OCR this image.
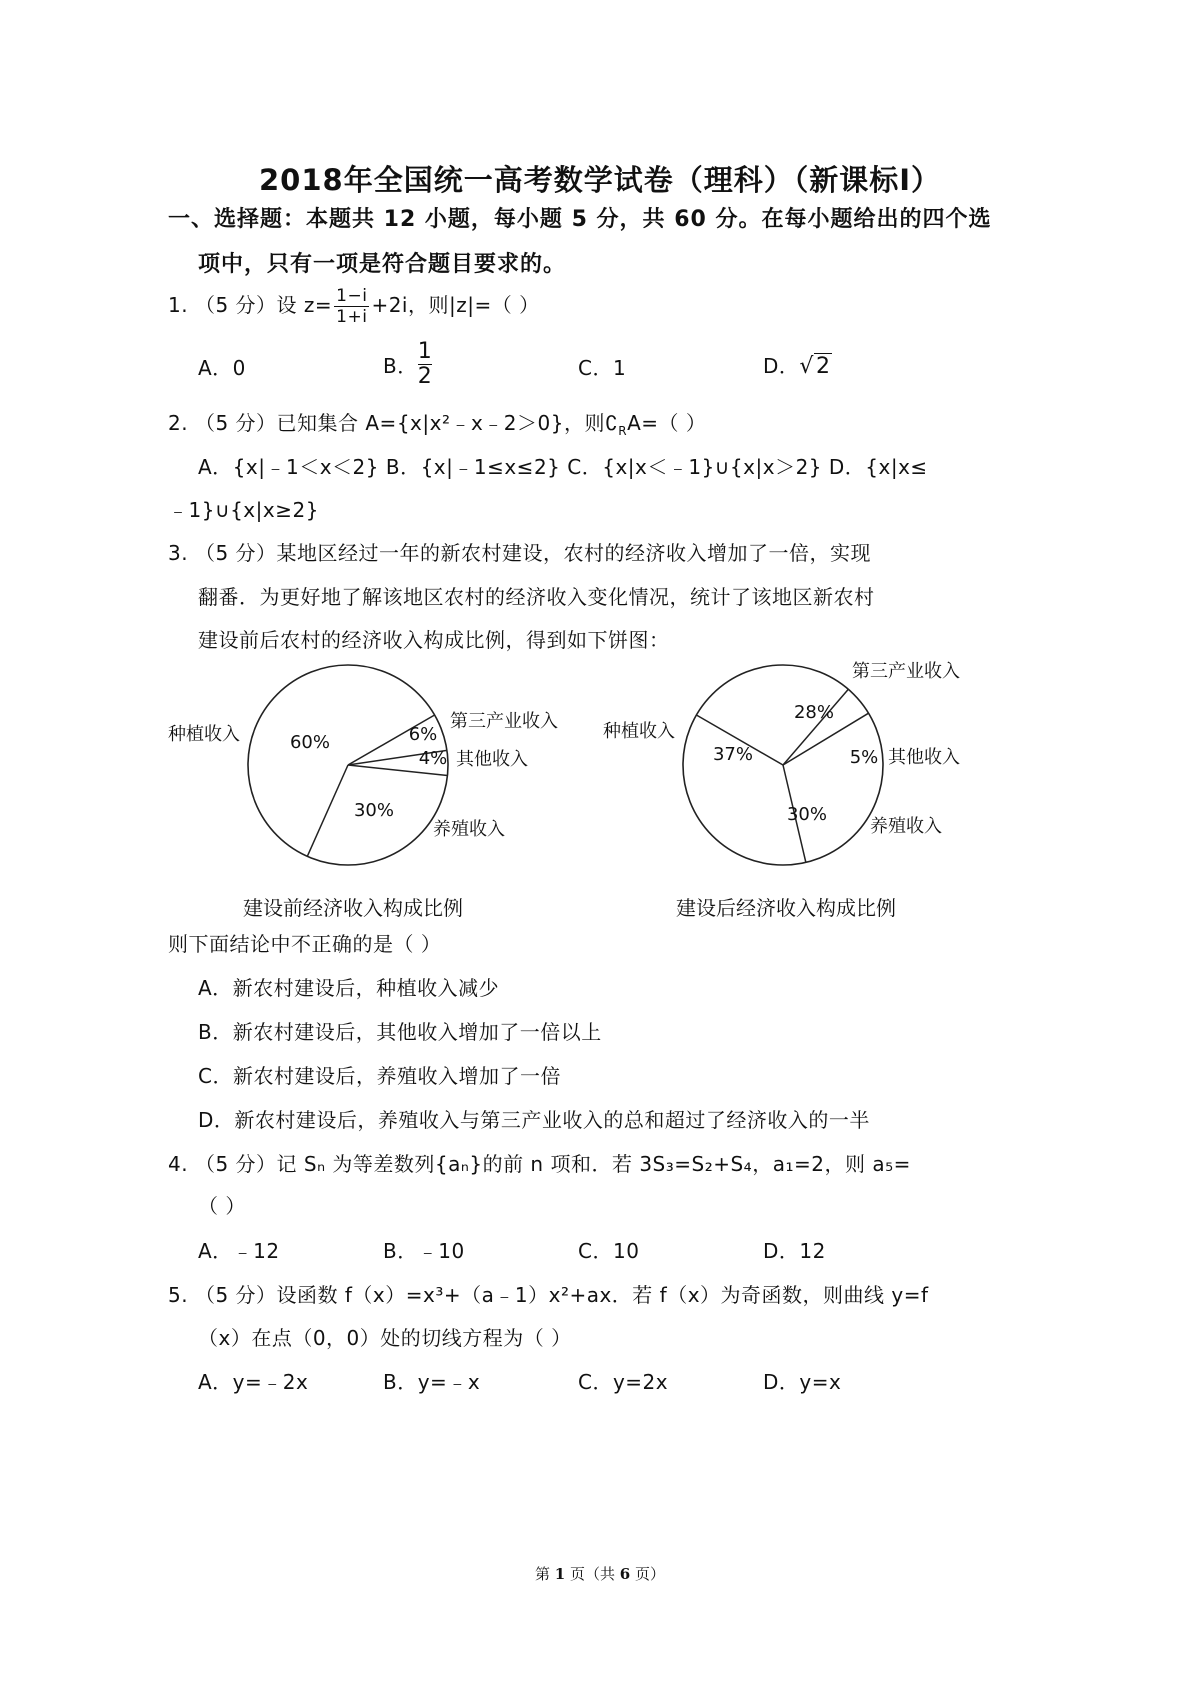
2018年全国统一高考数学试卷（理科）（新课标Ⅰ）
一、选择题：本题共 12 小题，每小题 5 分，共 60 分。在每小题给出的四个选
项中，只有一项是符合题目要求的。
1. （5 分）设 $z= \frac{1-i}{1+i} +2i$，则|z|=（ ）
A．0	B． $\frac{1}{2}$	C．1	D．√2
2. （5 分）已知集合 A={x|x²﹣x﹣2＞0}，则$∁_RA=$（ ）
A．{x|﹣1＜x＜2} B．{x|﹣1≤x≤2} C．{x|x＜﹣1}∪{x|x＞2} D．{x|x≤
﹣1}∪{x|x≥2}
3. （5 分）某地区经过一年的新农村建设，农村的经济收入增加了一倍，实现
翻番．为更好地了解该地区农村的经济收入变化情况，统计了该地区新农村
建设前后农村的经济收入构成比例，得到如下饼图：
种植收入	60%
第三产业收入
6%
其他收入
4%
养殖收入
30%
种植收入
37%
第三产业收入
28%
其他收入
5%
养殖收入
30%
建设前经济收入构成比例	建设后经济收入构成比例
则下面结论中不正确的是（ ）
A．新农村建设后，种植收入减少
B．新农村建设后，其他收入增加了一倍以上
C．新农村建设后，养殖收入增加了一倍
D．新农村建设后，养殖收入与第三产业收入的总和超过了经济收入的一半
4. （5 分）记 Sₙ 为等差数列{aₙ}的前 n 项和．若 3S₃=S₂+S₄，a₁=2，则 a₅=
（ ）
A．﹣12	B．﹣10	C．10	D．12
5. （5 分）设函数 f（x）=x³+（a﹣1）x²+ax．若 f（x）为奇函数，则曲线 y=f
（x）在点（0，0）处的切线方程为（ ）
A．y=﹣2x	B．y=﹣x	C．y=2x	D．y=x
第 1 页（共 6 页）
